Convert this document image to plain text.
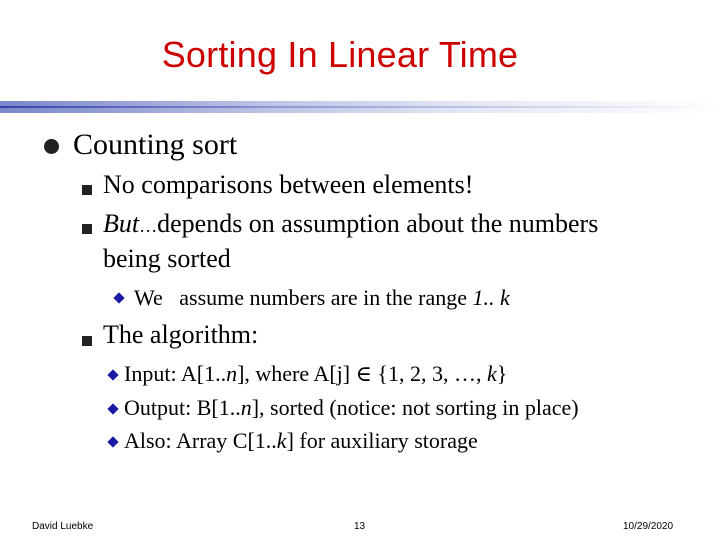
Sorting In Linear Time
Counting sort
No comparisons between elements!
But…depends on assumption about the numbers
being sorted
We assume numbers are in the range 1.. k
The algorithm:
Input: A[1..n], where A[j] ∈ {1, 2, 3, …, k}
Output: B[1..n], sorted (notice: not sorting in place)
Also: Array C[1..k] for auxiliary storage
David Luebke	13	10/29/2020
